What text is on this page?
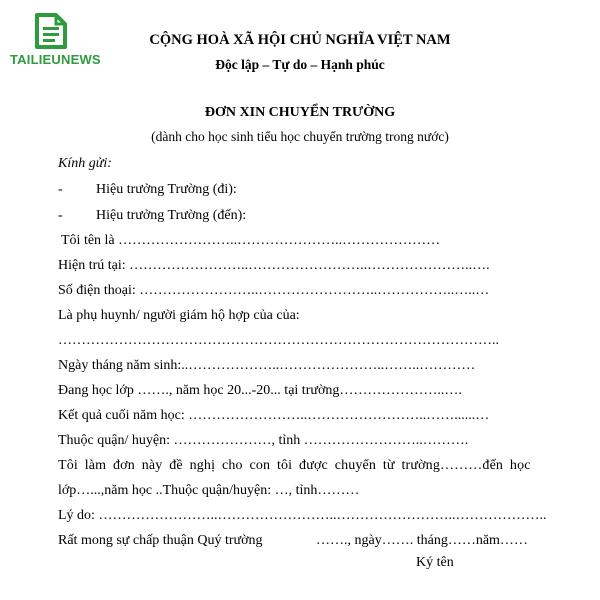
TAILIEUNEWS
CỘNG HOÀ XÃ HỘI CHỦ NGHĨA VIỆT NAM
Độc lập – Tự do – Hạnh phúc
ĐƠN XIN CHUYỂN TRƯỜNG
(dành cho học sinh tiểu học chuyển trường trong nước)
Kính gửi:
- Hiệu trưởng Trường (đi):
- Hiệu trưởng Trường (đến):
Tôi tên là ……………………..…………………..…………………
Hiện trú tại: ……………………..……………………..…………………..….
Số điện thoại: ……………………..……………………..……………..…..…
Là phụ huynh/ người giám hộ hợp của của:
…………………………………………………………………………………..
Ngày tháng năm sinh:..………………..…………………..……..…………
Đang học lớp ……., năm học 20...-20... tại trường…………………..….
Kết quả cuối năm học: ……………………..……………………..……......…
Thuộc quận/ huyện: …………………, tỉnh ……………………..……….
Tôi làm đơn này đề nghị cho con tôi được chuyển từ trường………đến học
lớp…...,năm học ..Thuộc quận/huyện: …, tỉnh………
Lý do: ……………………..……………………..……………………..………………..
Rất mong sự chấp thuận Quý trường	……., ngày……. tháng……năm……
Ký tên
